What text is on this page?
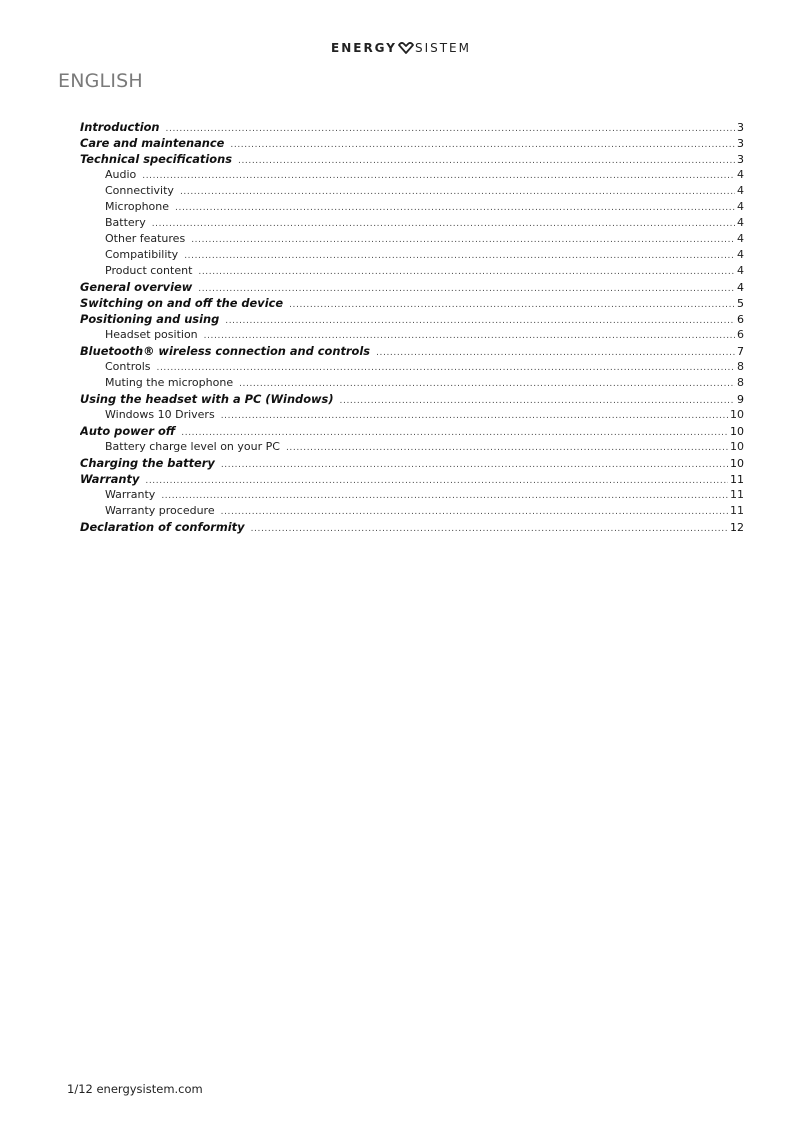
ENERGY SISTEM
ENGLISH
Introduction .....	3
Care and maintenance .....	3
Technical specifications .....	3
Audio .....	4
Connectivity .....	4
Microphone .....	4
Battery .....	4
Other features .....	4
Compatibility .....	4
Product content .....	4
General overview .....	4
Switching on and off the device .....	5
Positioning and using .....	6
Headset position .....	6
Bluetooth® wireless connection and controls .....	7
Controls .....	8
Muting the microphone .....	8
Using the headset with a PC (Windows) .....	9
Windows 10 Drivers .....	10
Auto power off .....	10
Battery charge level on your PC .....	10
Charging the battery .....	10
Warranty .....	11
Warranty .....	11
Warranty procedure .....	11
Declaration of conformity .....	12
1/12 energysistem.com
